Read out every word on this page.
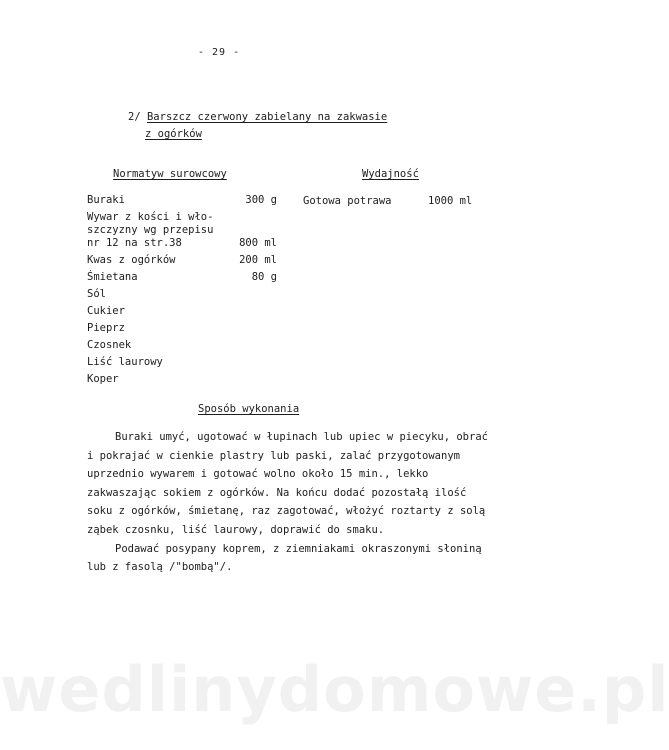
- 29 -
2/ Barszcz czerwony zabielany na zakwasie
z ogórków
Normatyw surowcowy	Wydajność
Buraki	300 g
Wywar z kości i wło-
szczyzny wg przepisu
nr 12 na str.38	800 ml
Kwas z ogórków	200 ml
Śmietana	80 g
Sól
Cukier
Pieprz
Czosnek
Liść laurowy
Koper
Gotowa potrawa	1000 ml
Sposób wykonania

Buraki umyć, ugotować w łupinach lub upiec w piecyku, obrać i pokrajać w cienkie plastry lub paski, zalać przygotowanym uprzednio wywarem i gotować wolno około 15 min., lekko zakwaszając sokiem z ogórków. Na końcu dodać pozostałą ilość soku z ogórków, śmietanę, raz zagotować, włożyć roztarty z solą ząbek czosnku, liść laurowy, doprawić do smaku.

Podawać posypany koprem, z ziemniakami okraszonymi słoniną lub z fasolą /"bombą"/.

wedlinydomowe.pl
